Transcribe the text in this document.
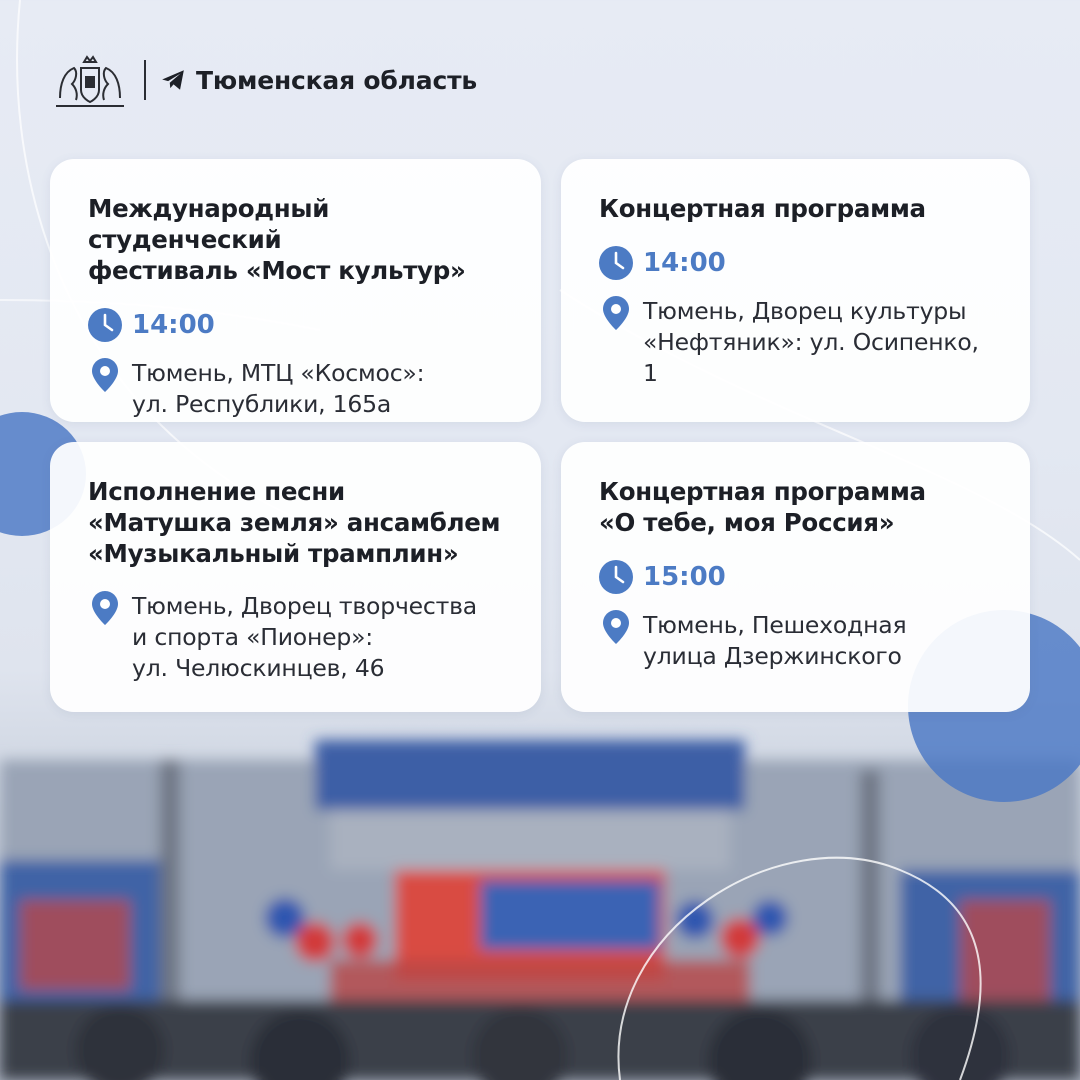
Тюменская область
Международный студенческий
фестиваль «Мост культур»
14:00
Тюмень, МТЦ «Космос»:
ул. Республики, 165а
Концертная программа
14:00
Тюмень, Дворец культуры
«Нефтяник»: ул. Осипенко, 1
Исполнение песни
«Матушка земля» ансамблем
«Музыкальный трамплин»
Тюмень, Дворец творчества
и спорта «Пионер»:
ул. Челюскинцев, 46
Концертная программа
«О тебе, моя Россия»
15:00
Тюмень, Пешеходная
улица Дзержинского
